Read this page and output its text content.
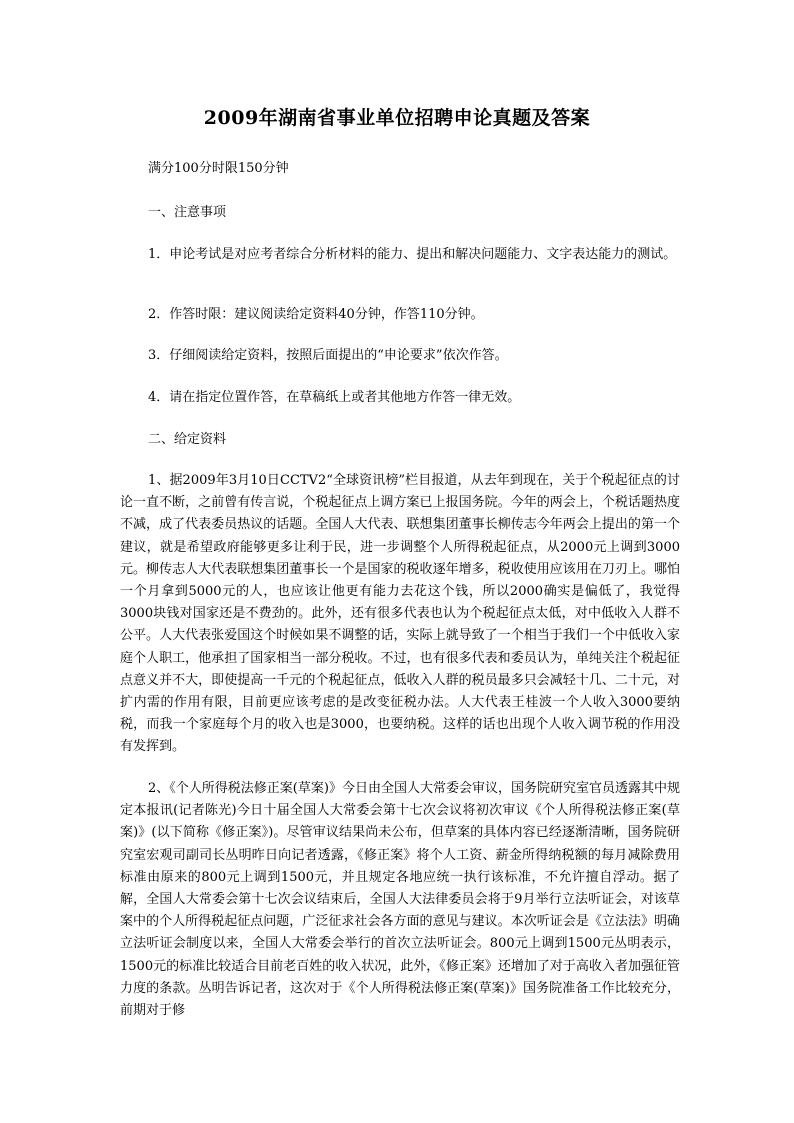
2009年湖南省事业单位招聘申论真题及答案
满分100分时限150分钟
一、注意事项
1．申论考试是对应考者综合分析材料的能力、提出和解决问题能力、文字表达能力的测试。
2．作答时限：建议阅读给定资料40分钟，作答110分钟。
3．仔细阅读给定资料，按照后面提出的“申论要求”依次作答。
4．请在指定位置作答，在草稿纸上或者其他地方作答一律无效。
二、给定资料
1、据2009年3月10日CCTV2“全球资讯榜”栏目报道，从去年到现在，关于个税起征点的讨论一直不断，之前曾有传言说，个税起征点上调方案已上报国务院。今年的两会上，个税话题热度不减，成了代表委员热议的话题。全国人大代表、联想集团董事长柳传志今年两会上提出的第一个建议，就是希望政府能够更多让利于民，进一步调整个人所得税起征点，从2000元上调到3000元。柳传志人大代表联想集团董事长一个是国家的税收逐年增多，税收使用应该用在刀刃上。哪怕一个月拿到5000元的人，也应该让他更有能力去花这个钱，所以2000确实是偏低了，我觉得3000块钱对国家还是不费劲的。此外，还有很多代表也认为个税起征点太低，对中低收入人群不公平。人大代表张爱国这个时候如果不调整的话，实际上就导致了一个相当于我们一个中低收入家庭个人职工，他承担了国家相当一部分税收。不过，也有很多代表和委员认为，单纯关注个税起征点意义并不大，即使提高一千元的个税起征点，低收入人群的税员最多只会减轻十几、二十元，对扩内需的作用有限，目前更应该考虑的是改变征税办法。人大代表王桂波一个人收入3000要纳税，而我一个家庭每个月的收入也是3000，也要纳税。这样的话也出现个人收入调节税的作用没有发挥到。
2、《个人所得税法修正案(草案)》今日由全国人大常委会审议，国务院研究室官员透露其中规定本报讯(记者陈光)今日十届全国人大常委会第十七次会议将初次审议《个人所得税法修正案(草案)》(以下简称《修正案》)。尽管审议结果尚未公布，但草案的具体内容已经逐渐清晰，国务院研究室宏观司副司长丛明昨日向记者透露，《修正案》将个人工资、薪金所得纳税额的每月减除费用标准由原来的800元上调到1500元，并且规定各地应统一执行该标准，不允许擅自浮动。据了解，全国人大常委会第十七次会议结束后，全国人大法律委员会将于9月举行立法听证会，对该草案中的个人所得税起征点问题，广泛征求社会各方面的意见与建议。本次听证会是《立法法》明确立法听证会制度以来，全国人大常委会举行的首次立法听证会。800元上调到1500元丛明表示，1500元的标准比较适合目前老百姓的收入状况，此外，《修正案》还增加了对于高收入者加强征管力度的条款。丛明告诉记者，这次对于《个人所得税法修正案(草案)》国务院准备工作比较充分，前期对于修
